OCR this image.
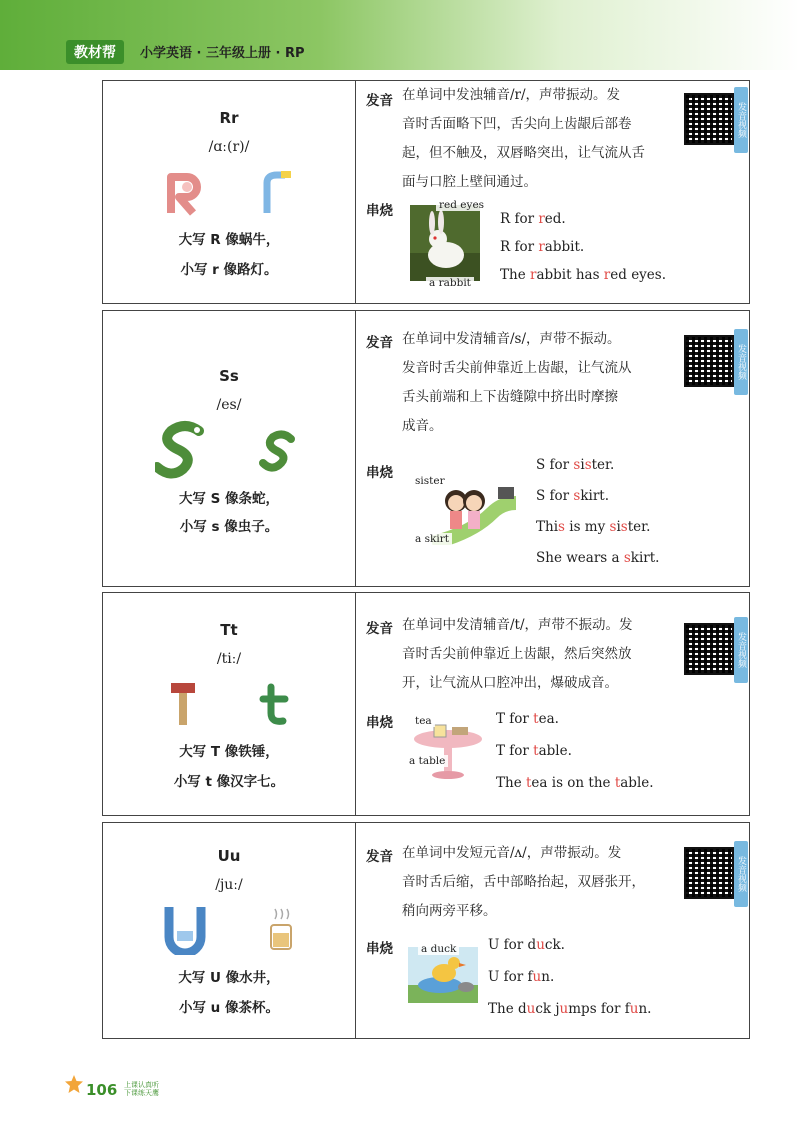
教材帮	小学英语 · 三年级上册 · RP
Rr
/ɑː(r)/
大写 R 像蜗牛，
小写 r 像路灯。
发音 在单词中发浊辅音/r/，声带振动。发
音时舌面略下凹，舌尖向上齿龈后部卷
起，但不触及，双唇略突出，让气流从舌
面与口腔上壁间通过。
发音视频
串烧	red eyes
a rabbit
R for red.
R for rabbit.
The rabbit has red eyes.
Ss
/es/
大写 S 像条蛇，
小写 s 像虫子。
发音 在单词中发清辅音/s/，声带不振动。
发音时舌尖前伸靠近上齿龈，让气流从
舌头前端和上下齿缝隙中挤出时摩擦
成音。
发音视频
串烧 sister
a skirt
S for sister.
S for skirt.
This is my sister.
She wears a skirt.
Tt
/tiː/
大写 T 像铁锤，
小写 t 像汉字七。
发音 在单词中发清辅音/t/，声带不振动。发
音时舌尖前伸靠近上齿龈，然后突然放
开，让气流从口腔冲出，爆破成音。
发音视频
串烧 tea
a table
T for tea.
T for table.
The tea is on the table.
Uu
/juː/
大写 U 像水井，
小写 u 像茶杯。
发音 在单词中发短元音/ʌ/，声带振动。发
音时舌后缩，舌中部略抬起，双唇张开，
稍向两旁平移。
发音视频
串烧	a duck U for duck.
U for fun.
The duck jumps for fun.
106 上课认真听
下课练天鹰
